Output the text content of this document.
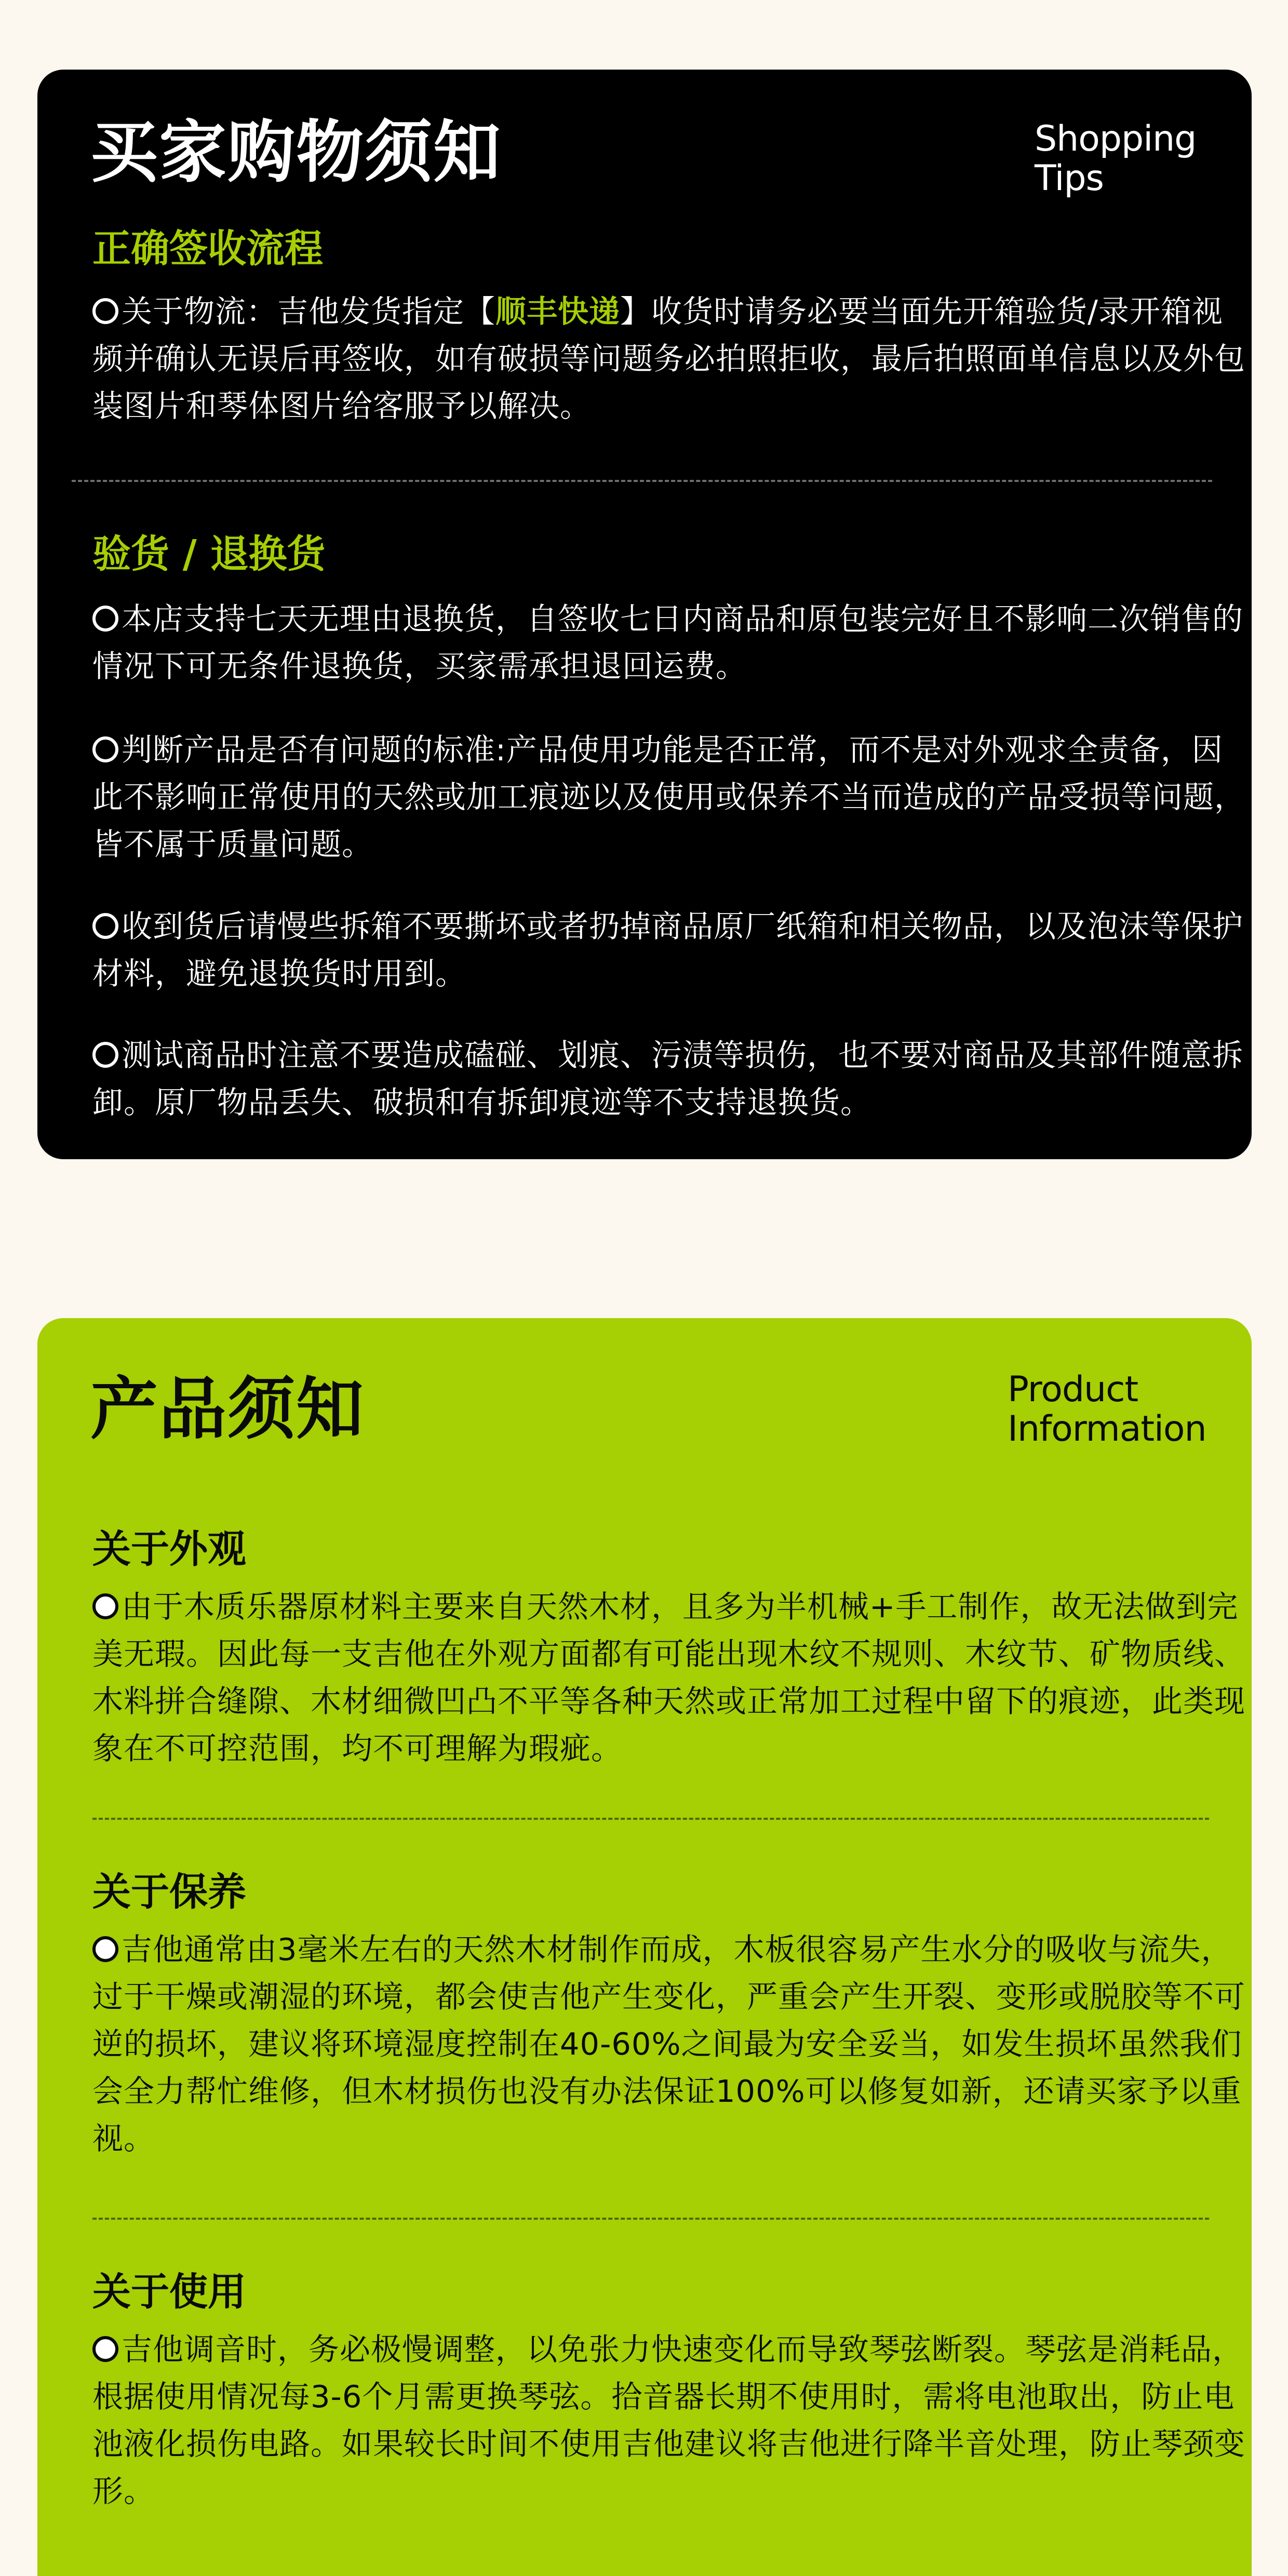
买家购物须知	Shopping
Tips
正确签收流程

关于物流：吉他发货指定【顺丰快递】收货时请务必要当面先开箱验货/录开箱视频并确认无误后再签收，如有破损等问题务必拍照拒收，最后拍照面单信息以及外包装图片和琴体图片给客服予以解决。

验货 / 退换货

本店支持七天无理由退换货，自签收七日内商品和原包装完好且不影响二次销售的情况下可无条件退换货，买家需承担退回运费。

判断产品是否有问题的标准:产品使用功能是否正常，而不是对外观求全责备，因此不影响正常使用的天然或加工痕迹以及使用或保养不当而造成的产品受损等问题，皆不属于质量问题。

收到货后请慢些拆箱不要撕坏或者扔掉商品原厂纸箱和相关物品，以及泡沫等保护材料，避免退换货时用到。

测试商品时注意不要造成磕碰、划痕、污渍等损伤，也不要对商品及其部件随意拆卸。原厂物品丢失、破损和有拆卸痕迹等不支持退换货。

产品须知	Product
Information
关于外观

由于木质乐器原材料主要来自天然木材，且多为半机械+手工制作，故无法做到完美无瑕。因此每一支吉他在外观方面都有可能出现木纹不规则、木纹节、矿物质线、木料拼合缝隙、木材细微凹凸不平等各种天然或正常加工过程中留下的痕迹，此类现象在不可控范围，均不可理解为瑕疵。

关于保养

吉他通常由3毫米左右的天然木材制作而成，木板很容易产生水分的吸收与流失，过于干燥或潮湿的环境，都会使吉他产生变化，严重会产生开裂、变形或脱胶等不可逆的损坏，建议将环境湿度控制在40-60%之间最为安全妥当，如发生损坏虽然我们会全力帮忙维修，但木材损伤也没有办法保证100%可以修复如新，还请买家予以重视。

关于使用

吉他调音时，务必极慢调整，以免张力快速变化而导致琴弦断裂。琴弦是消耗品，根据使用情况每3-6个月需更换琴弦。拾音器长期不使用时，需将电池取出，防止电池液化损伤电路。如果较长时间不使用吉他建议将吉他进行降半音处理，防止琴颈变形。
